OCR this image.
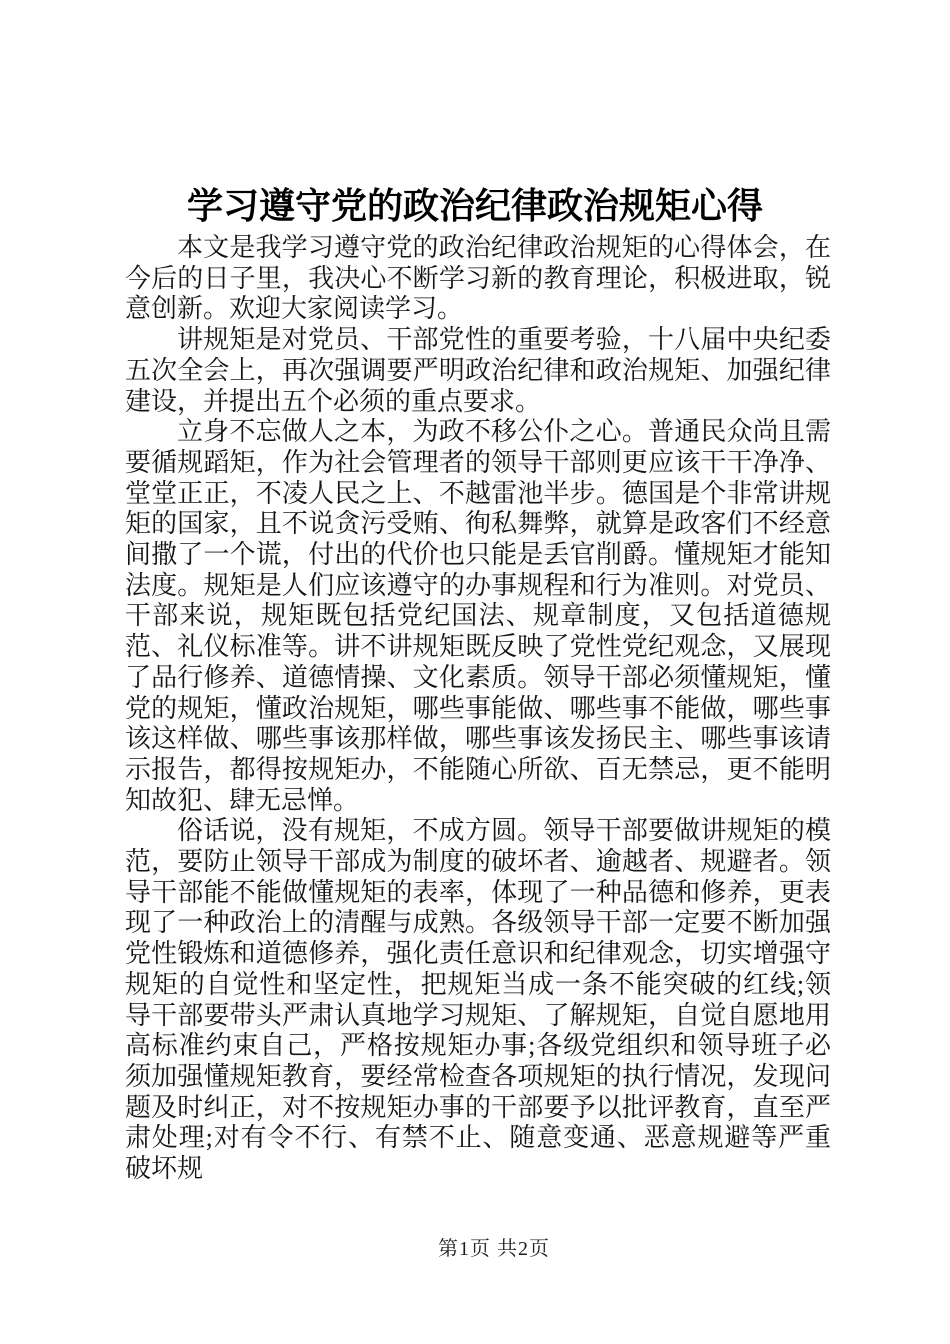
学习遵守党的政治纪律政治规矩心得

本文是我学习遵守党的政治纪律政治规矩的心得体会，在今后的日子里，我决心不断学习新的教育理论，积极进取，锐意创新。欢迎大家阅读学习。

讲规矩是对党员、干部党性的重要考验，十八届中央纪委五次全会上，再次强调要严明政治纪律和政治规矩、加强纪律建设，并提出五个必须的重点要求。

立身不忘做人之本，为政不移公仆之心。普通民众尚且需要循规蹈矩，作为社会管理者的领导干部则更应该干干净净、堂堂正正，不凌人民之上、不越雷池半步。德国是个非常讲规矩的国家，且不说贪污受贿、徇私舞弊，就算是政客们不经意间撒了一个谎，付出的代价也只能是丢官削爵。懂规矩才能知法度。规矩是人们应该遵守的办事规程和行为准则。对党员、干部来说，规矩既包括党纪国法、规章制度，又包括道德规范、礼仪标准等。讲不讲规矩既反映了党性党纪观念，又展现了品行修养、道德情操、文化素质。领导干部必须懂规矩，懂党的规矩，懂政治规矩，哪些事能做、哪些事不能做，哪些事该这样做、哪些事该那样做，哪些事该发扬民主、哪些事该请示报告，都得按规矩办，不能随心所欲、百无禁忌，更不能明知故犯、肆无忌惮。

俗话说，没有规矩，不成方圆。领导干部要做讲规矩的模范，要防止领导干部成为制度的破坏者、逾越者、规避者。领导干部能不能做懂规矩的表率，体现了一种品德和修养，更表现了一种政治上的清醒与成熟。各级领导干部一定要不断加强党性锻炼和道德修养，强化责任意识和纪律观念，切实增强守规矩的自觉性和坚定性，把规矩当成一条不能突破的红线;领导干部要带头严肃认真地学习规矩、了解规矩，自觉自愿地用高标准约束自己，严格按规矩办事;各级党组织和领导班子必须加强懂规矩教育，要经常检查各项规矩的执行情况，发现问题及时纠正，对不按规矩办事的干部要予以批评教育，直至严肃处理;对有令不行、有禁不止、随意变通、恶意规避等严重破坏规

第1页 共2页
